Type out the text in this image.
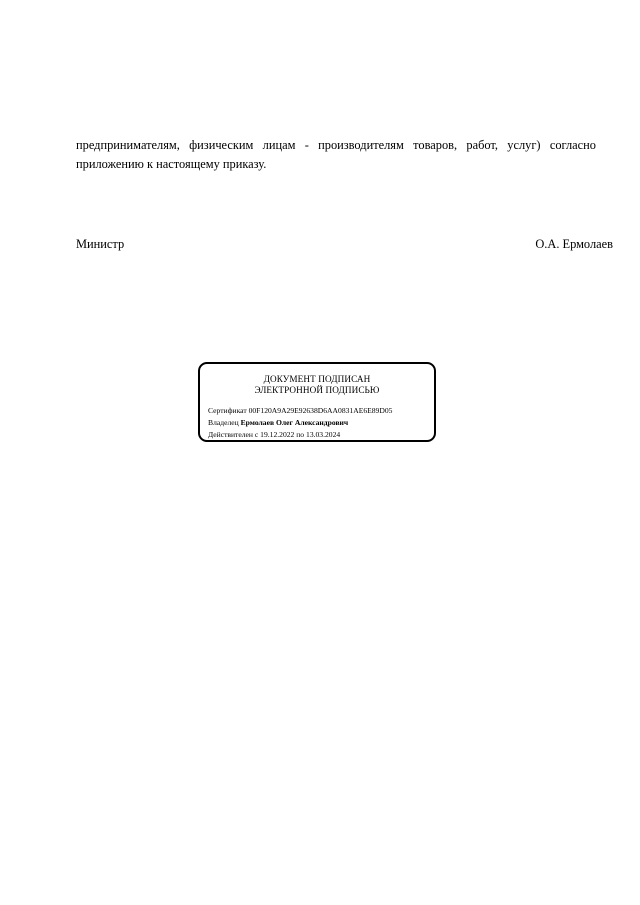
предпринимателям, физическим лицам - производителям товаров, работ, услуг) согласно
приложению к настоящему приказу.
Министр	О.А. Ермолаев
ДОКУМЕНТ ПОДПИСАН
ЭЛЕКТРОННОЙ ПОДПИСЬЮ
Сертификат 00F120A9A29E92638D6AA0831AE6E89D05
Владелец Ермолаев Олег Александрович
Действителен с 19.12.2022 по 13.03.2024
